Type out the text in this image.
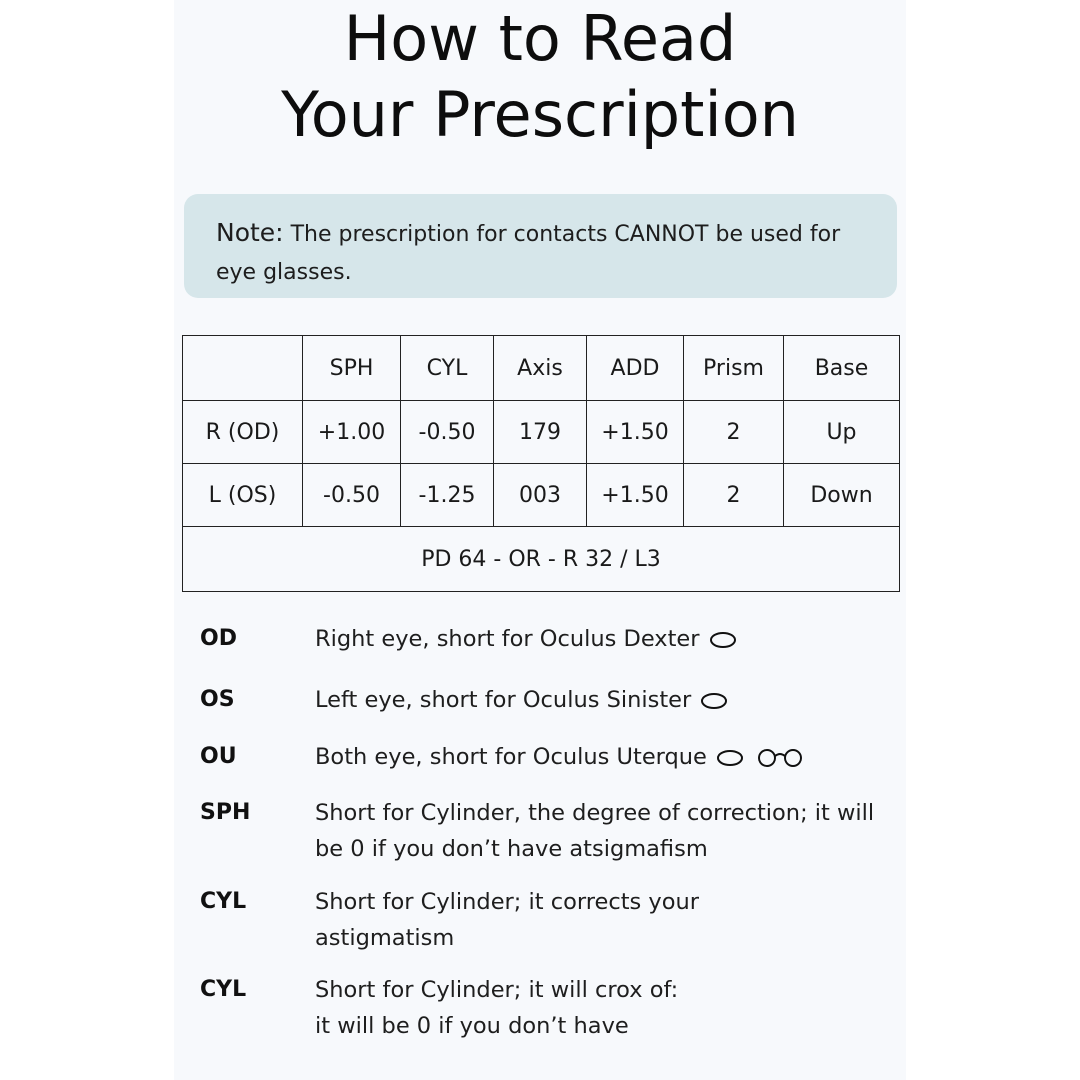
How to Read
Your Prescription
Note: The prescription for contacts CANNOT be used for eye glasses.
	SPH	CYL	Axis	ADD	Prism	Base
R (OD)	+1.00	-0.50	179	+1.50	2	Up
L (OS)	-0.50	-1.25	003	+1.50	2	Down
PD 64 - OR - R 32 / L3						
OD	Right eye, short for Oculus Dexter
OS	Left eye, short for Oculus Sinister
OU	Both eye, short for Oculus Uterque
SPH	Short for Cylinder, the degree of correction; it will be 0 if you don’t have atsigmafism
CYL	Short for Cylinder; it corrects your astigmatism
CYL	Short for Cylinder; it will crox of: it will be 0 if you don’t have
